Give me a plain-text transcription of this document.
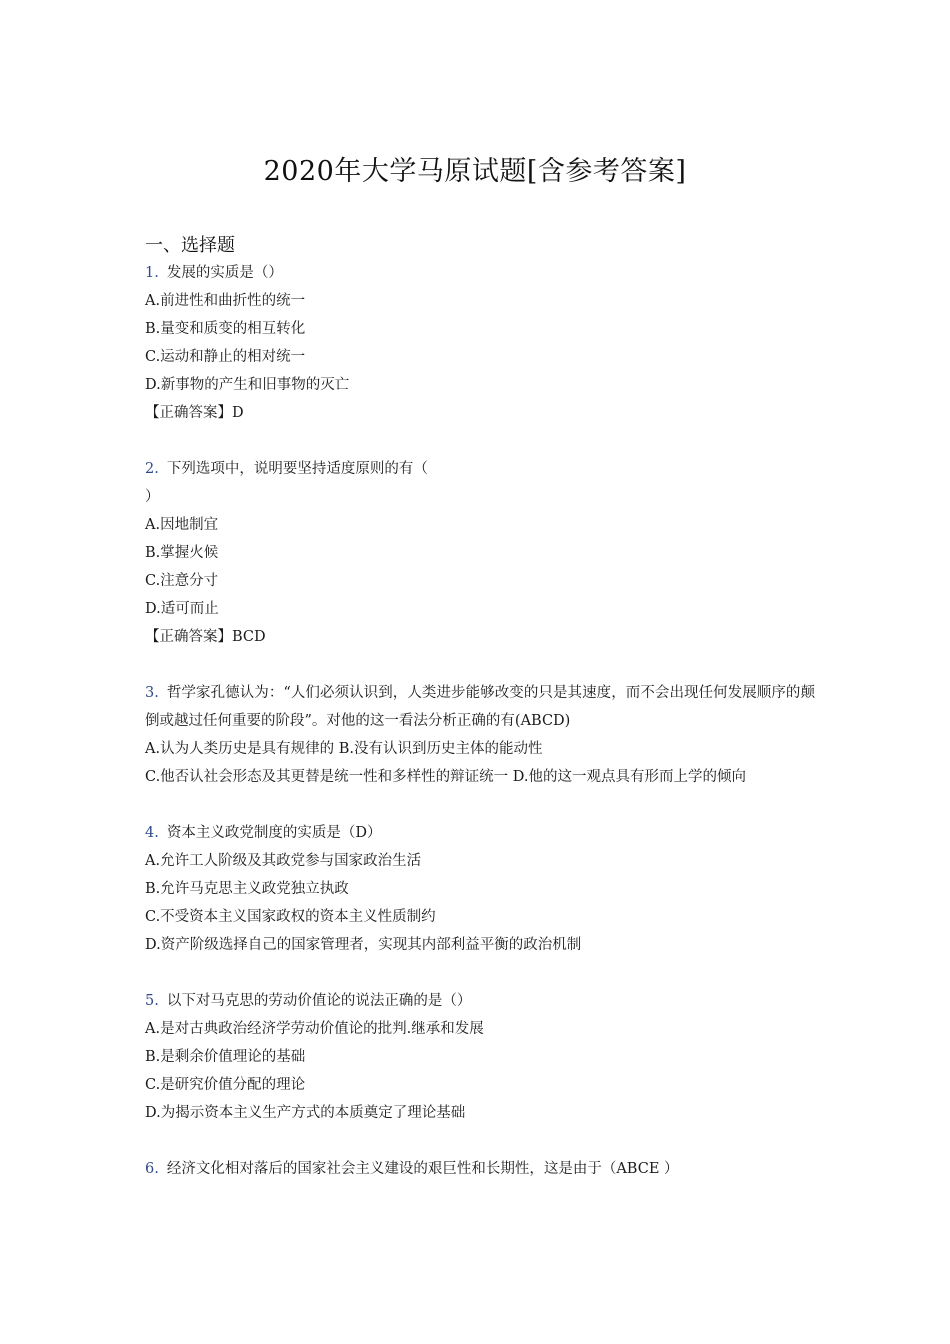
2020年大学马原试题[含参考答案]
一、选择题
1. 发展的实质是（）
A.前进性和曲折性的统一
B.量变和质变的相互转化
C.运动和静止的相对统一
D.新事物的产生和旧事物的灭亡
【正确答案】D
2. 下列选项中，说明要坚持适度原则的有（
）
A.因地制宜
B.掌握火候
C.注意分寸
D.适可而止
【正确答案】BCD
3. 哲学家孔德认为：“人们必须认识到，人类进步能够改变的只是其速度，而不会出现任何发展顺序的颠倒或越过任何重要的阶段”。对他的这一看法分析正确的有(ABCD)
A.认为人类历史是具有规律的 B.没有认识到历史主体的能动性
C.他否认社会形态及其更替是统一性和多样性的辩证统一 D.他的这一观点具有形而上学的倾向
4. 资本主义政党制度的实质是（D）
A.允许工人阶级及其政党参与国家政治生活
B.允许马克思主义政党独立执政
C.不受资本主义国家政权的资本主义性质制约
D.资产阶级选择自己的国家管理者，实现其内部利益平衡的政治机制
5. 以下对马克思的劳动价值论的说法正确的是（）
A.是对古典政治经济学劳动价值论的批判.继承和发展
B.是剩余价值理论的基础
C.是研究价值分配的理论
D.为揭示资本主义生产方式的本质奠定了理论基础
6. 经济文化相对落后的国家社会主义建设的艰巨性和长期性，这是由于（ABCE ）
